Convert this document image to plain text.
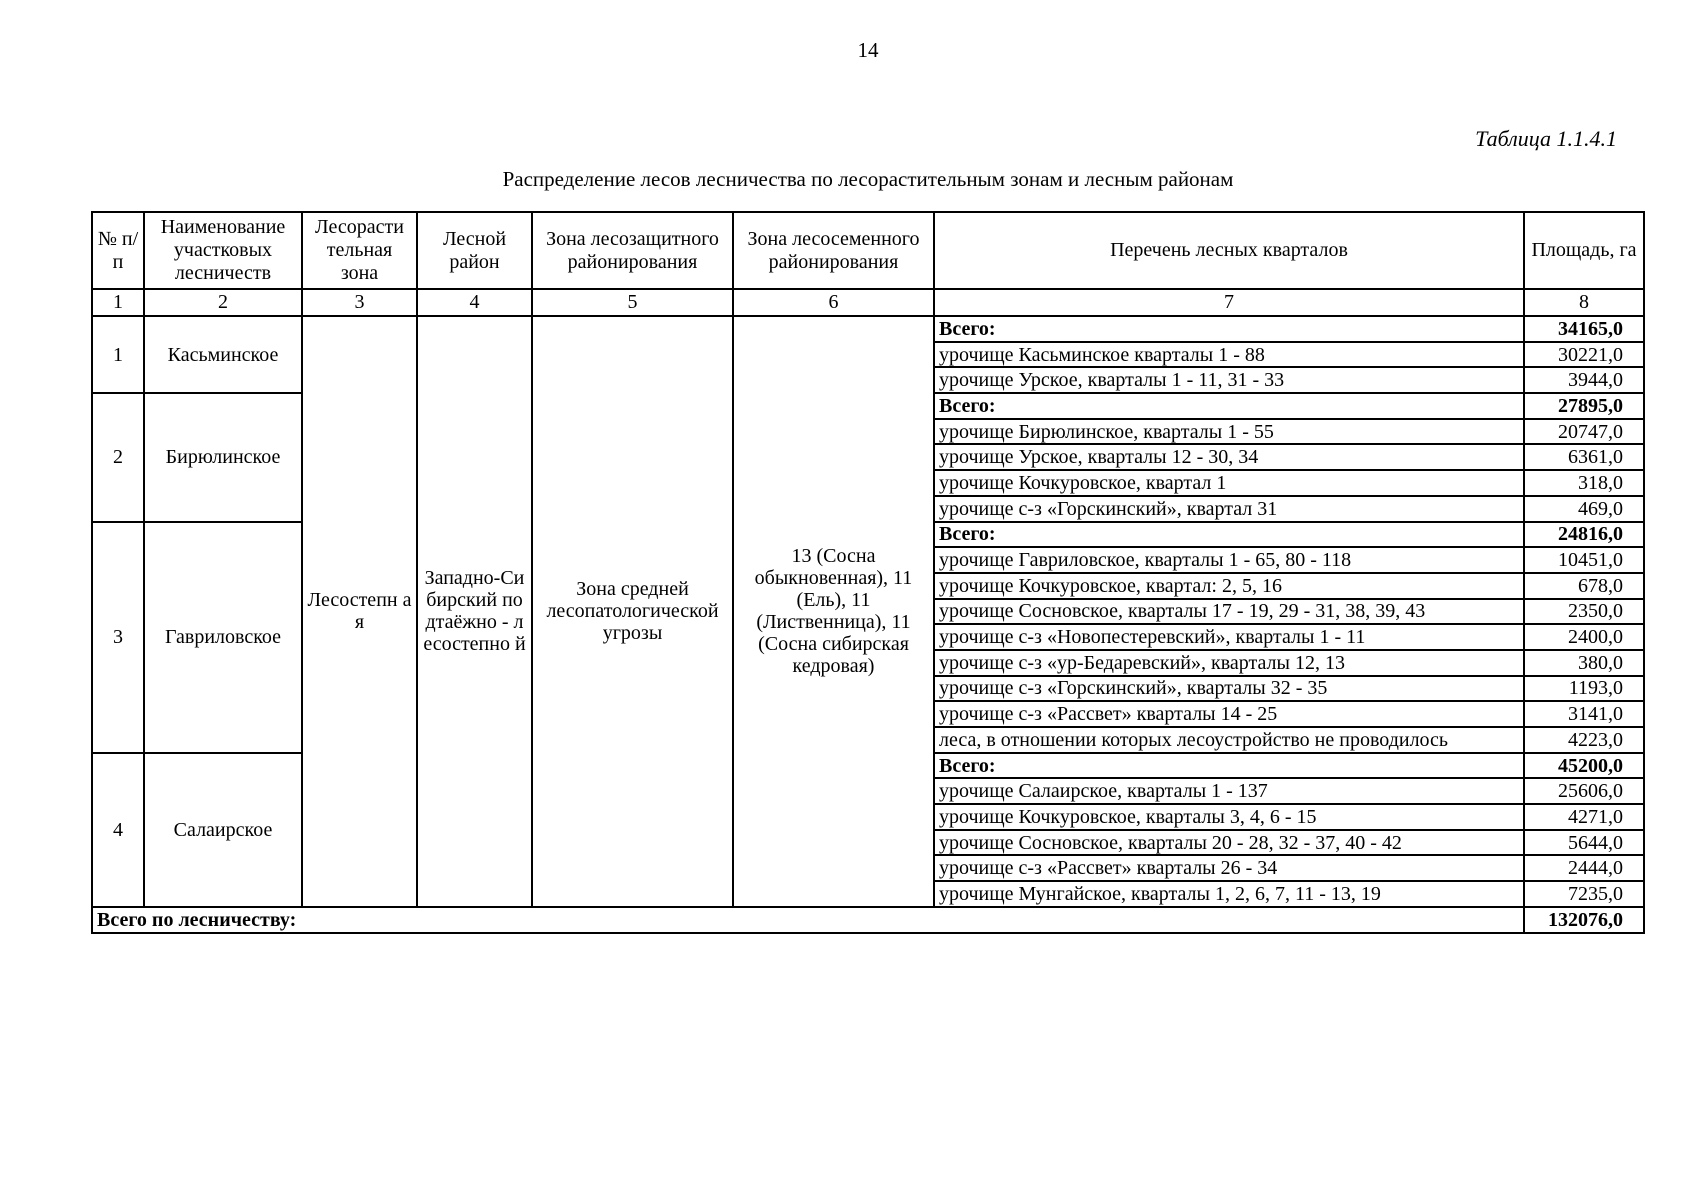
14
Таблица 1.1.4.1
Распределение лесов лесничества по лесорастительным зонам и лесным районам
№ п/п	Наименование участковых лесничеств	Лесорасти тельная зона	Лесной район	Зона лесозащитного районирования	Зона лесосеменного районирования	Перечень лесных кварталов	Площадь, га
1	2	3	4	5	6	7	8
1	Касьминское	Лесостепн ая	Западно-Сибирский подтаёжно - лесостепно й	Зона средней лесопатологической угрозы	13 (Сосна обыкновенная), 11 (Ель), 11 (Лиственница), 11 (Сосна сибирская кедровая)	Всего:	34165,0
						урочище Касьминское кварталы 1 - 88	30221,0
						урочище Урское, кварталы 1 - 11, 31 - 33	3944,0
2	Бирюлинское					Всего:	27895,0
						урочище Бирюлинское, кварталы 1 - 55	20747,0
						урочище Урское, кварталы 12 - 30, 34	6361,0
						урочище Кочкуровское, квартал 1	318,0
						урочище с-з «Горскинский», квартал 31	469,0
3	Гавриловское					Всего:	24816,0
						урочище Гавриловское, кварталы 1 - 65, 80 - 118	10451,0
						урочище Кочкуровское, квартал: 2, 5, 16	678,0
						урочище Сосновское, кварталы 17 - 19, 29 - 31, 38, 39, 43	2350,0
						урочище с-з «Новопестеревский», кварталы 1 - 11	2400,0
						урочище с-з «ур-Бедаревский», кварталы 12, 13	380,0
						урочище с-з «Горскинский», кварталы 32 - 35	1193,0
						урочище с-з «Рассвет» кварталы 14 - 25	3141,0
						леса, в отношении которых лесоустройство не проводилось	4223,0
4	Салаирское					Всего:	45200,0
						урочище Салаирское, кварталы 1 - 137	25606,0
						урочище Кочкуровское, кварталы 3, 4, 6 - 15	4271,0
						урочище Сосновское, кварталы 20 - 28, 32 - 37, 40 - 42	5644,0
						урочище с-з «Рассвет» кварталы 26 - 34	2444,0
						урочище Мунгайское, кварталы 1, 2, 6, 7, 11 - 13, 19	7235,0
Всего по лесничеству:							132076,0
